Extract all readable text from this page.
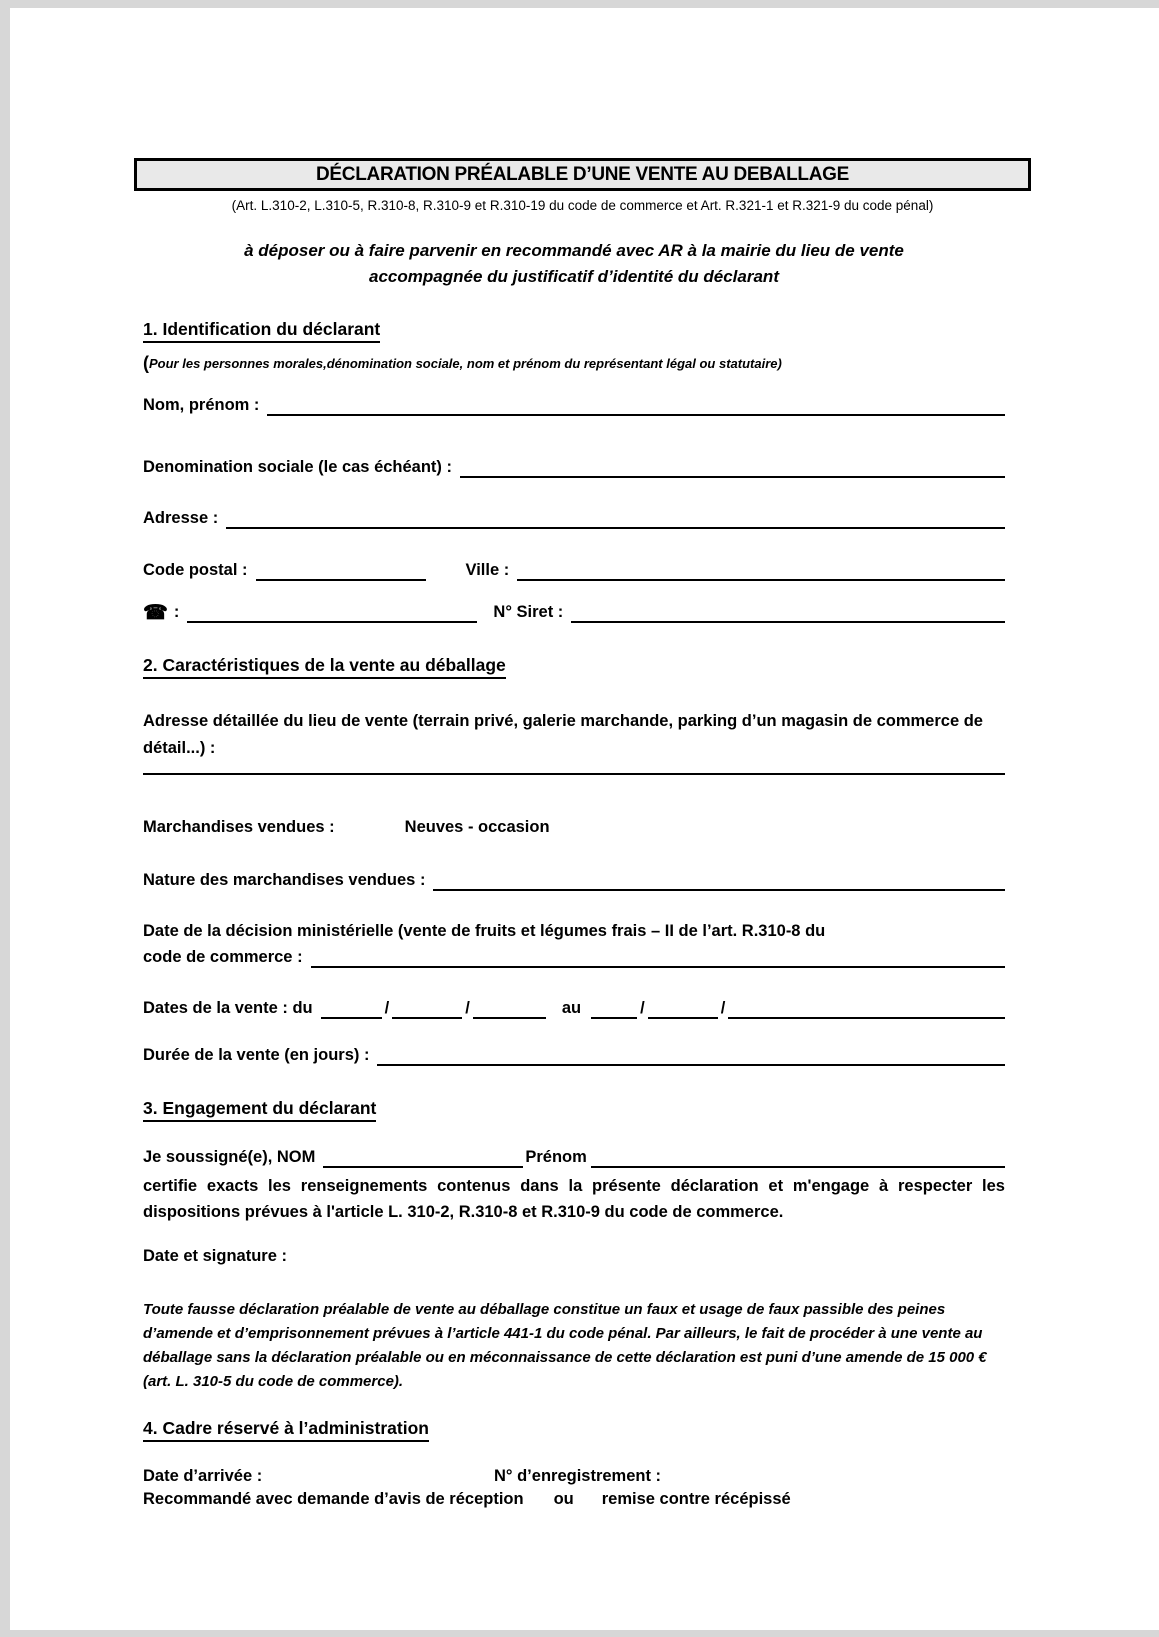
DÉCLARATION PRÉALABLE D’UNE VENTE AU DEBALLAGE
(Art. L.310-2, L.310-5, R.310-8, R.310-9 et R.310-19 du code de commerce et Art. R.321-1 et R.321-9 du code pénal)
à déposer ou à faire parvenir en recommandé avec AR à la mairie du lieu de vente
accompagnée du justificatif d’identité du déclarant
1. Identification du déclarant
(Pour les personnes morales,dénomination sociale, nom et prénom du représentant légal ou statutaire)
Nom, prénom :
Denomination sociale (le cas échéant) :
Adresse :
Code postal :	Ville :
☎ :	N° Siret :
2. Caractéristiques de la vente au déballage
Adresse détaillée du lieu de vente (terrain privé, galerie marchande, parking d’un magasin de commerce de détail...) :
Marchandises vendues :	Neuves - occasion
Nature des marchandises vendues :
Date de la décision ministérielle (vente de fruits et légumes frais – II de l’art. R.310-8 du
code de commerce :
Dates de la vente : du	/	/	au	/	/
Durée de la vente (en jours) :
3. Engagement du déclarant
Je soussigné(e), NOM	Prénom
certifie exacts les renseignements contenus dans la présente déclaration et m'engage à respecter les dispositions prévues à l'article L. 310-2, R.310-8 et R.310-9 du code de commerce.
Date et signature :
Toute fausse déclaration préalable de vente au déballage constitue un faux et usage de faux passible des peines d’amende et d’emprisonnement prévues à l’article 441-1 du code pénal. Par ailleurs, le fait de procéder à une vente au déballage sans la déclaration préalable ou en méconnaissance de cette déclaration est puni d’une amende de 15 000 € (art. L. 310-5 du code de commerce).
4. Cadre réservé à l’administration
Date d’arrivée :	N° d’enregistrement :
Recommandé avec demande d’avis de réception ou remise contre récépissé
